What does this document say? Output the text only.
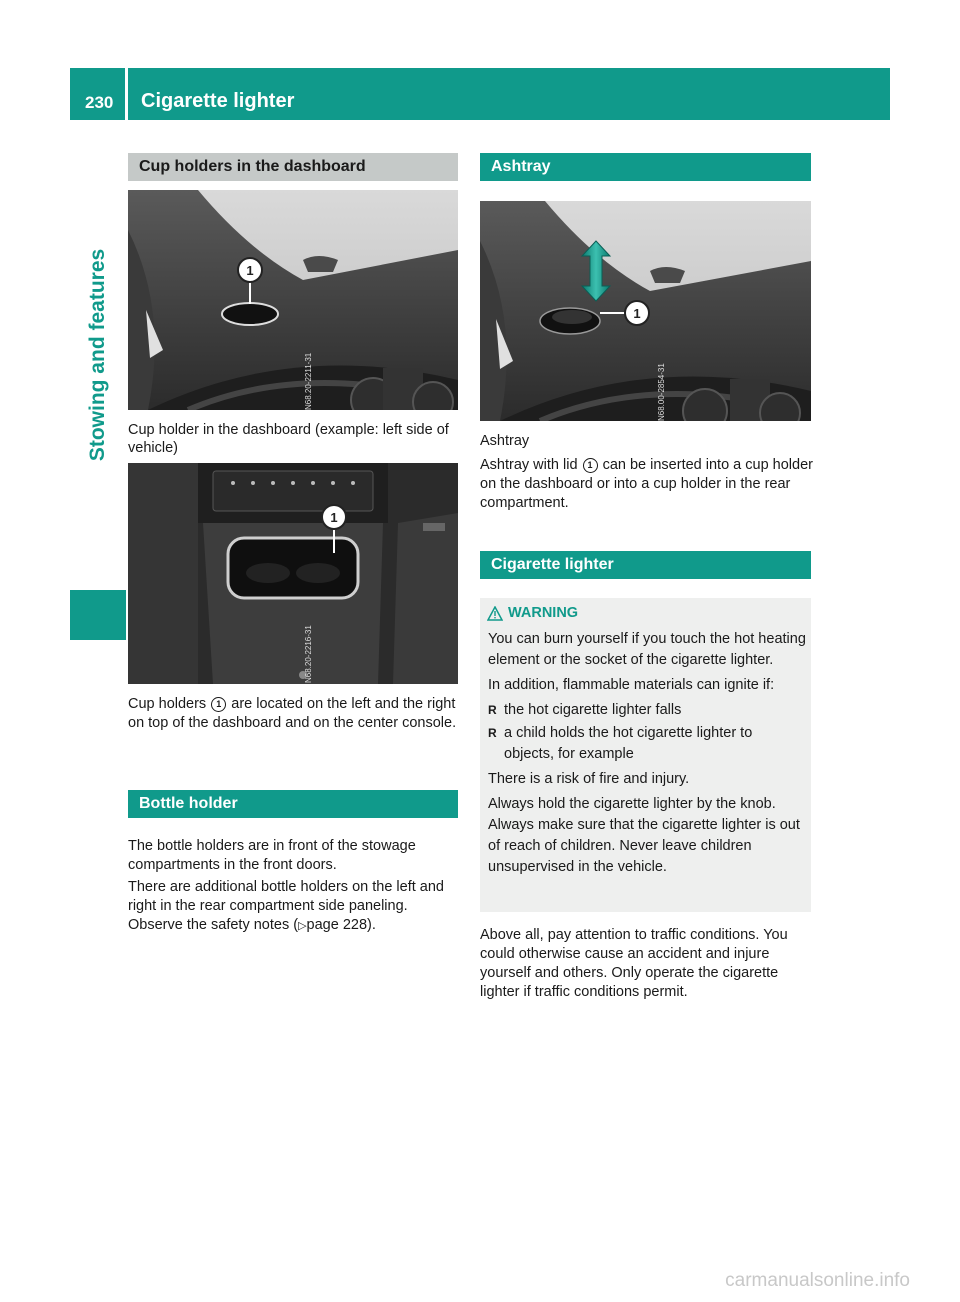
230	Cigarette lighter
Stowing and features
Cup holders in the dashboard
1
N68.20-2211-31
Cup holder in the dashboard (example: left side of vehicle)
1
N68.20-2216-31
Cup holders 1 are located on the left and the right on top of the dashboard and on the center console.
Bottle holder
The bottle holders are in front of the stowage compartments in the front doors.
There are additional bottle holders on the left and right in the rear compartment side paneling. Observe the safety notes (▷page 228).
Ashtray
1
N68.00-2854-31
Ashtray
Ashtray with lid 1 can be inserted into a cup holder on the dashboard or into a cup holder in the rear compartment.
Cigarette lighter
WARNING
You can burn yourself if you touch the hot heating element or the socket of the cigarette lighter.
In addition, flammable materials can ignite if:
R the hot cigarette lighter falls
R a child holds the hot cigarette lighter to objects, for example
There is a risk of fire and injury.
Always hold the cigarette lighter by the knob. Always make sure that the cigarette lighter is out of reach of children. Never leave children unsupervised in the vehicle.
Above all, pay attention to traffic conditions. You could otherwise cause an accident and injure yourself and others. Only operate the cigarette lighter if traffic conditions permit.
carmanualsonline.info
